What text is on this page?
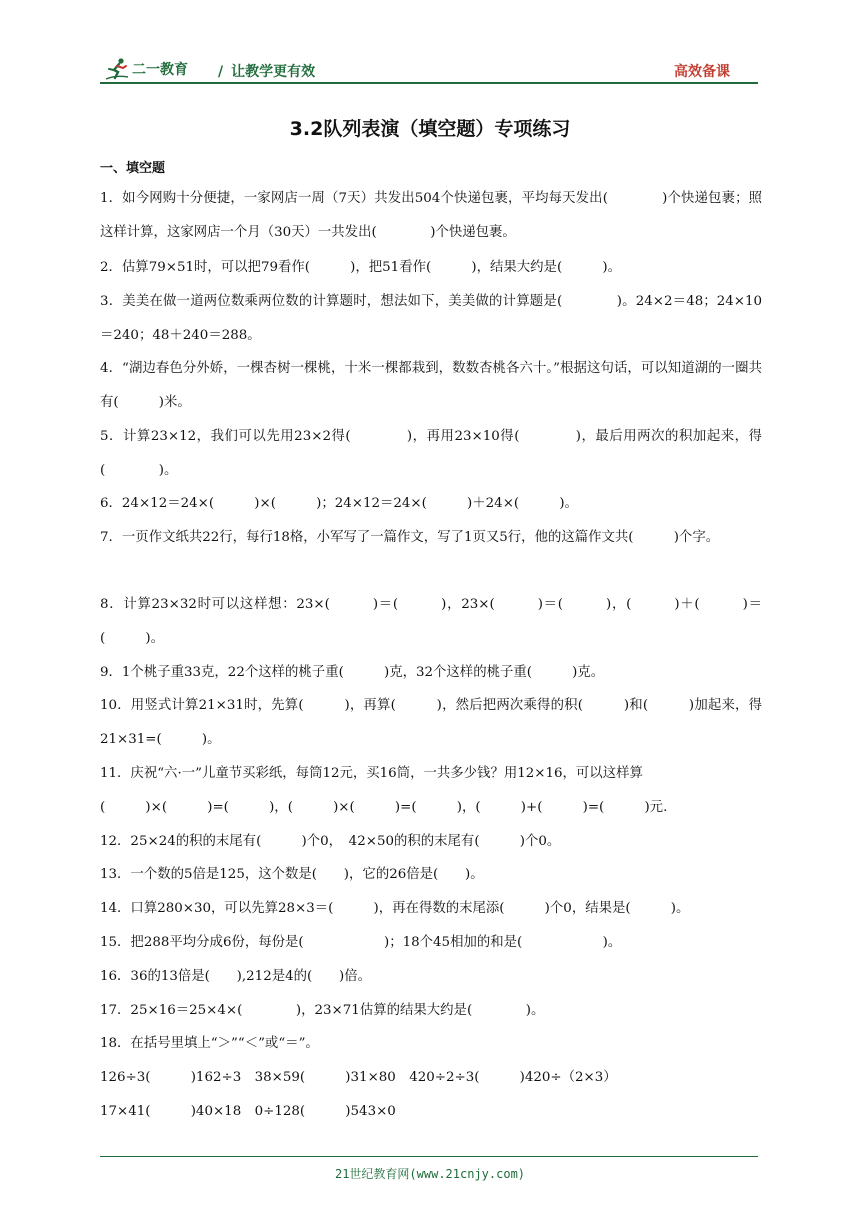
二一教育 / 让教学更有效	高效备课
3.2队列表演（填空题）专项练习
一、填空题
1．如今网购十分便捷，一家网店一周（7天）共发出504个快递包裹，平均每天发出(　　　　)个快递包裹；照这样计算，这家网店一个月（30天）一共发出(　　　　)个快递包裹。
2．估算79×51时，可以把79看作(　　　)，把51看作(　　　)，结果大约是(　　　)。
3．美美在做一道两位数乘两位数的计算题时，想法如下，美美做的计算题是(　　　　)。24×2＝48；24×10＝240；48＋240＝288。
4．“湖边春色分外娇，一棵杏树一棵桃，十米一棵都栽到，数数杏桃各六十。”根据这句话，可以知道湖的一圈共有(　　　)米。
5．计算23×12，我们可以先用23×2得(　　　　)，再用23×10得(　　　　)，最后用两次的积加起来，得(　　　　)。
6．24×12＝24×(　　　)×(　　　)；24×12＝24×(　　　)＋24×(　　　)。
7．一页作文纸共22行，每行18格，小军写了一篇作文，写了1页又5行，他的这篇作文共(　　　)个字。
8．计算23×32时可以这样想：23×(　　　)＝(　　　)，23×(　　　)＝(　　　)，(　　　)＋(　　　)＝(　　　)。
9．1个桃子重33克，22个这样的桃子重(　　　)克，32个这样的桃子重(　　　)克。
10．用竖式计算21×31时，先算(　　　)，再算(　　　)，然后把两次乘得的积(　　　)和(　　　)加起来，得21×31=(　　　)。
11．庆祝“六·一”儿童节买彩纸，每筒12元，买16筒，一共多少钱？用12×16，可以这样算
(　　　)×(　　　)=(　　　)，(　　　)×(　　　)=(　　　)，(　　　)+(　　　)=(　　　)元.
12．25×24的积的末尾有(　　　)个0，　42×50的积的末尾有(　　　)个0。
13．一个数的5倍是125，这个数是(　　)，它的26倍是(　　)。
14．口算280×30，可以先算28×3＝(　　　)，再在得数的末尾添(　　　)个0，结果是(　　　)。
15．把288平均分成6份，每份是(　　　　　　)；18个45相加的和是(　　　　　　)。
16．36的13倍是(　　),212是4的(　　)倍。
17．25×16＝25×4×(　　　　)，23×71估算的结果大约是(　　　　)。
18．在括号里填上“＞”“＜”或“＝”。
126÷3(　　　)162÷3　38×59(　　　)31×80　420÷2÷3(　　　)420÷（2×3）
17×41(　　　)40×18　0÷128(　　　)543×0
21世纪教育网(www.21cnjy.com)
